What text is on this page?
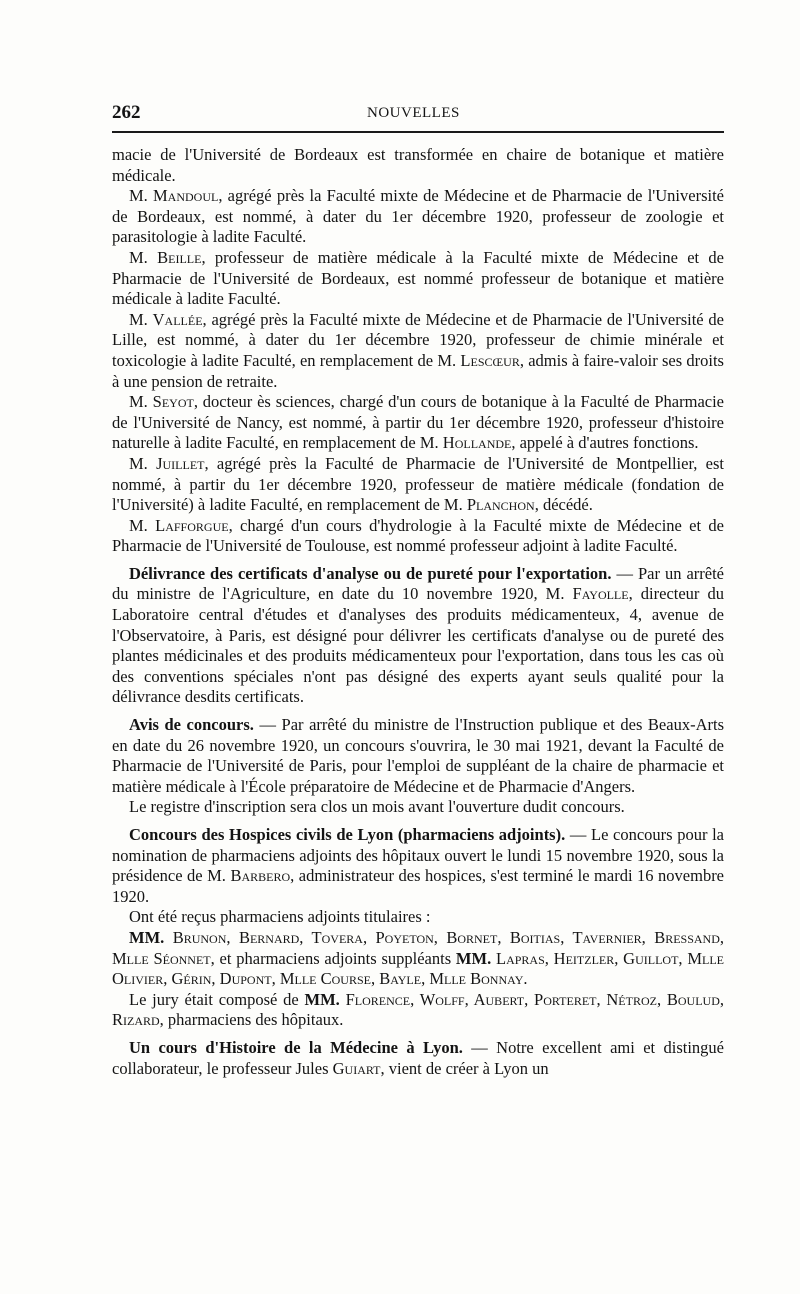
262	NOUVELLES

macie de l'Université de Bordeaux est transformée en chaire de botanique et matière médicale.

M. Mandoul, agrégé près la Faculté mixte de Médecine et de Pharmacie de l'Université de Bordeaux, est nommé, à dater du 1er décembre 1920, professeur de zoologie et parasitologie à ladite Faculté.

M. Beille, professeur de matière médicale à la Faculté mixte de Médecine et de Pharmacie de l'Université de Bordeaux, est nommé professeur de botanique et matière médicale à ladite Faculté.

M. Vallée, agrégé près la Faculté mixte de Médecine et de Pharmacie de l'Université de Lille, est nommé, à dater du 1er décembre 1920, professeur de chimie minérale et toxicologie à ladite Faculté, en remplacement de M. Lescœur, admis à faire-valoir ses droits à une pension de retraite.

M. Seyot, docteur ès sciences, chargé d'un cours de botanique à la Faculté de Pharmacie de l'Université de Nancy, est nommé, à partir du 1er décembre 1920, professeur d'histoire naturelle à ladite Faculté, en remplacement de M. Hollande, appelé à d'autres fonctions.

M. Juillet, agrégé près la Faculté de Pharmacie de l'Université de Montpellier, est nommé, à partir du 1er décembre 1920, professeur de matière médicale (fondation de l'Université) à ladite Faculté, en remplacement de M. Planchon, décédé.

M. Lafforgue, chargé d'un cours d'hydrologie à la Faculté mixte de Médecine et de Pharmacie de l'Université de Toulouse, est nommé professeur adjoint à ladite Faculté.

Délivrance des certificats d'analyse ou de pureté pour l'exportation. — Par un arrêté du ministre de l'Agriculture, en date du 10 novembre 1920, M. Fayolle, directeur du Laboratoire central d'études et d'analyses des produits médicamenteux, 4, avenue de l'Observatoire, à Paris, est désigné pour délivrer les certificats d'analyse ou de pureté des plantes médicinales et des produits médicamenteux pour l'exportation, dans tous les cas où des conventions spéciales n'ont pas désigné des experts ayant seuls qualité pour la délivrance desdits certificats.

Avis de concours. — Par arrêté du ministre de l'Instruction publique et des Beaux-Arts en date du 26 novembre 1920, un concours s'ouvrira, le 30 mai 1921, devant la Faculté de Pharmacie de l'Université de Paris, pour l'emploi de suppléant de la chaire de pharmacie et matière médicale à l'École préparatoire de Médecine et de Pharmacie d'Angers.

Le registre d'inscription sera clos un mois avant l'ouverture dudit concours.

Concours des Hospices civils de Lyon (pharmaciens adjoints). — Le concours pour la nomination de pharmaciens adjoints des hôpitaux ouvert le lundi 15 novembre 1920, sous la présidence de M. Barbero, administrateur des hospices, s'est terminé le mardi 16 novembre 1920.

Ont été reçus pharmaciens adjoints titulaires :

MM. Brunon, Bernard, Tovera, Poyeton, Bornet, Boitias, Tavernier, Bressand, Mlle Séonnet, et pharmaciens adjoints suppléants MM. Lapras, Heitzler, Guillot, Mlle Olivier, Gérin, Dupont, Mlle Course, Bayle, Mlle Bonnay.

Le jury était composé de MM. Florence, Wolff, Aubert, Porteret, Nétroz, Boulud, Rizard, pharmaciens des hôpitaux.

Un cours d'Histoire de la Médecine à Lyon. — Notre excellent ami et distingué collaborateur, le professeur Jules Guiart, vient de créer à Lyon un
